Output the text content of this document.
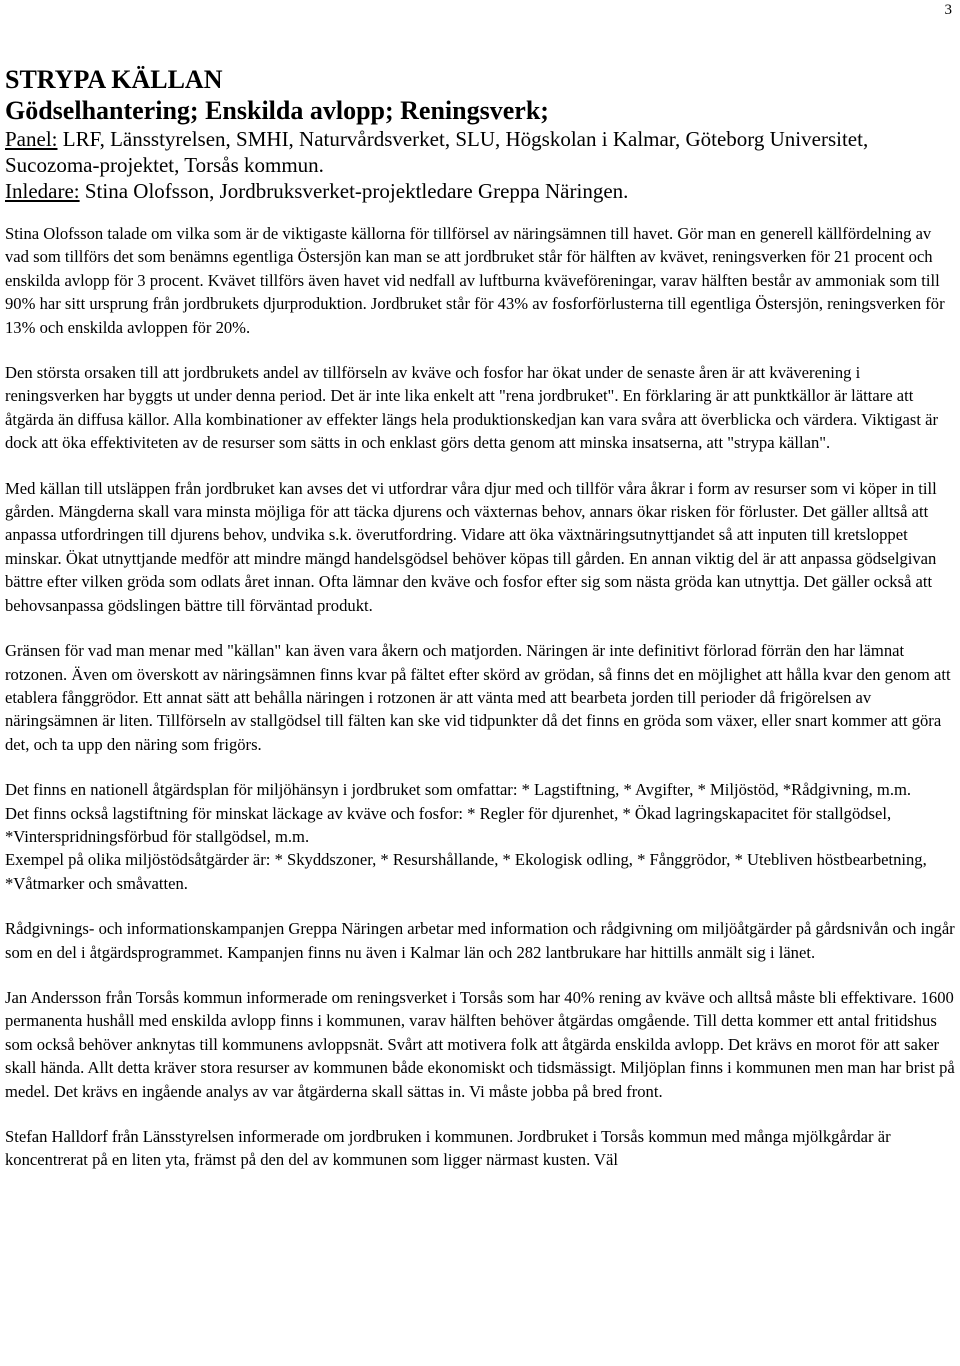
3
STRYPA KÄLLAN
Gödselhantering; Enskilda avlopp; Reningsverk;

Panel: LRF, Länsstyrelsen, SMHI, Naturvårdsverket, SLU, Högskolan i Kalmar, Göteborg Universitet, Sucozoma-projektet, Torsås kommun.

Inledare: Stina Olofsson, Jordbruksverket-projektledare Greppa Näringen.

Stina Olofsson talade om vilka som är de viktigaste källorna för tillförsel av näringsämnen till havet. Gör man en generell källfördelning av vad som tillförs det som benämns egentliga Östersjön kan man se att jordbruket står för hälften av kvävet, reningsverken för 21 procent och enskilda avlopp för 3 procent. Kvävet tillförs även havet vid nedfall av luftburna kväveföreningar, varav hälften består av ammoniak som till 90% har sitt ursprung från jordbrukets djurproduktion. Jordbruket står för 43% av fosforförlusterna till egentliga Östersjön, reningsverken för 13% och enskilda avloppen för 20%.

Den största orsaken till att jordbrukets andel av tillförseln av kväve och fosfor har ökat under de senaste åren är att kväverening i reningsverken har byggts ut under denna period. Det är inte lika enkelt att "rena jordbruket". En förklaring är att punktkällor är lättare att åtgärda än diffusa källor. Alla kombinationer av effekter längs hela produktionskedjan kan vara svåra att överblicka och värdera. Viktigast är dock att öka effektiviteten av de resurser som sätts in och enklast görs detta genom att minska insatserna, att "strypa källan".

Med källan till utsläppen från jordbruket kan avses det vi utfordrar våra djur med och tillför våra åkrar i form av resurser som vi köper in till gården. Mängderna skall vara minsta möjliga för att täcka djurens och växternas behov, annars ökar risken för förluster. Det gäller alltså att anpassa utfordringen till djurens behov, undvika s.k. överutfordring. Vidare att öka växtnäringsutnyttjandet så att inputen till kretsloppet minskar. Ökat utnyttjande medför att mindre mängd handelsgödsel behöver köpas till gården. En annan viktig del är att anpassa gödselgivan bättre efter vilken gröda som odlats året innan. Ofta lämnar den kväve och fosfor efter sig som nästa gröda kan utnyttja. Det gäller också att behovsanpassa gödslingen bättre till förväntad produkt.

Gränsen för vad man menar med "källan" kan även vara åkern och matjorden. Näringen är inte definitivt förlorad förrän den har lämnat rotzonen. Även om överskott av näringsämnen finns kvar på fältet efter skörd av grödan, så finns det en möjlighet att hålla kvar den genom att etablera fånggrödor. Ett annat sätt att behålla näringen i rotzonen är att vänta med att bearbeta jorden till perioder då frigörelsen av näringsämnen är liten. Tillförseln av stallgödsel till fälten kan ske vid tidpunkter då det finns en gröda som växer, eller snart kommer att göra det, och ta upp den näring som frigörs.

Det finns en nationell åtgärdsplan för miljöhänsyn i jordbruket som omfattar: * Lagstiftning, * Avgifter, * Miljöstöd, *Rådgivning, m.m.

Det finns också lagstiftning för minskat läckage av kväve och fosfor: * Regler för djurenhet, * Ökad lagringskapacitet för stallgödsel, *Vinterspridningsförbud för stallgödsel, m.m.

Exempel på olika miljöstödsåtgärder är: * Skyddszoner, * Resurshållande, * Ekologisk odling, * Fånggrödor, * Utebliven höstbearbetning, *Våtmarker och småvatten.

Rådgivnings- och informationskampanjen Greppa Näringen arbetar med information och rådgivning om miljöåtgärder på gårdsnivån och ingår som en del i åtgärdsprogrammet. Kampanjen finns nu även i Kalmar län och 282 lantbrukare har hittills anmält sig i länet.

Jan Andersson från Torsås kommun informerade om reningsverket i Torsås som har 40% rening av kväve och alltså måste bli effektivare. 1600 permanenta hushåll med enskilda avlopp finns i kommunen, varav hälften behöver åtgärdas omgående. Till detta kommer ett antal fritidshus som också behöver anknytas till kommunens avloppsnät. Svårt att motivera folk att åtgärda enskilda avlopp. Det krävs en morot för att saker skall hända. Allt detta kräver stora resurser av kommunen både ekonomiskt och tidsmässigt. Miljöplan finns i kommunen men man har brist på medel. Det krävs en ingående analys av var åtgärderna skall sättas in. Vi måste jobba på bred front.

Stefan Halldorf från Länsstyrelsen informerade om jordbruken i kommunen. Jordbruket i Torsås kommun med många mjölkgårdar är koncentrerat på en liten yta, främst på den del av kommunen som ligger närmast kusten. Väl
